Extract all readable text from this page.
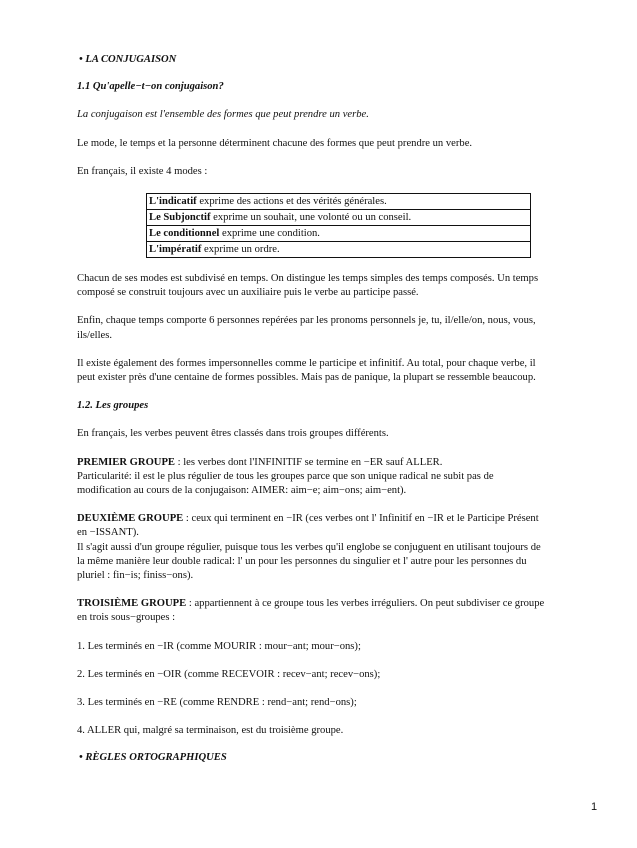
• LA CONJUGAISON

1.1 Qu'apelle−t−on conjugaison?

La conjugaison est l'ensemble des formes que peut prendre un verbe.

Le mode, le temps et la personne déterminent chacune des formes que peut prendre un verbe.

En français, il existe 4 modes :

L'indicatif exprime des actions et des vérités générales.
Le Subjonctif exprime un souhait, une volonté ou un conseil.
Le conditionnel exprime une condition.
L'impératif exprime un ordre.

Chacun de ses modes est subdivisé en temps. On distingue les temps simples des temps composés. Un temps
composé se construit toujours avec un auxiliaire puis le verbe au participe passé.

Enfin, chaque temps comporte 6 personnes repérées par les pronoms personnels je, tu, il/elle/on, nous, vous,
ils/elles.

Il existe également des formes impersonnelles comme le participe et infinitif. Au total, pour chaque verbe, il
peut exister près d'une centaine de formes possibles. Mais pas de panique, la plupart se ressemble beaucoup.

1.2. Les groupes

En français, les verbes peuvent êtres classés dans trois groupes différents.

PREMIER GROUPE : les verbes dont l'INFINITIF se termine en −ER sauf ALLER.
Particularité: il est le plus régulier de tous les groupes parce que son unique radical ne subit pas de
modification au cours de la conjugaison: AIMER: aim−e; aim−ons; aim−ent).

DEUXIÈME GROUPE : ceux qui terminent en −IR (ces verbes ont l' Infinitif en −IR et le Participe Présent
en −ISSANT).
Il s'agit aussi d'un groupe régulier, puisque tous les verbes qu'il englobe se conjuguent en utilisant toujours de
la même manière leur double radical: l' un pour les personnes du singulier et l' autre pour les personnes du
pluriel : fin−is; finiss−ons).

TROISIÈME GROUPE : appartiennent à ce groupe tous les verbes irréguliers. On peut subdiviser ce groupe
en trois sous−groupes :

1. Les terminés en −IR (comme MOURIR : mour−ant; mour−ons);

2. Les terminés en −OIR (comme RECEVOIR : recev−ant; recev−ons);

3. Les terminés en −RE (comme RENDRE : rend−ant; rend−ons);

4. ALLER qui, malgré sa terminaison, est du troisième groupe.

• RÈGLES ORTOGRAPHIQUES

1
